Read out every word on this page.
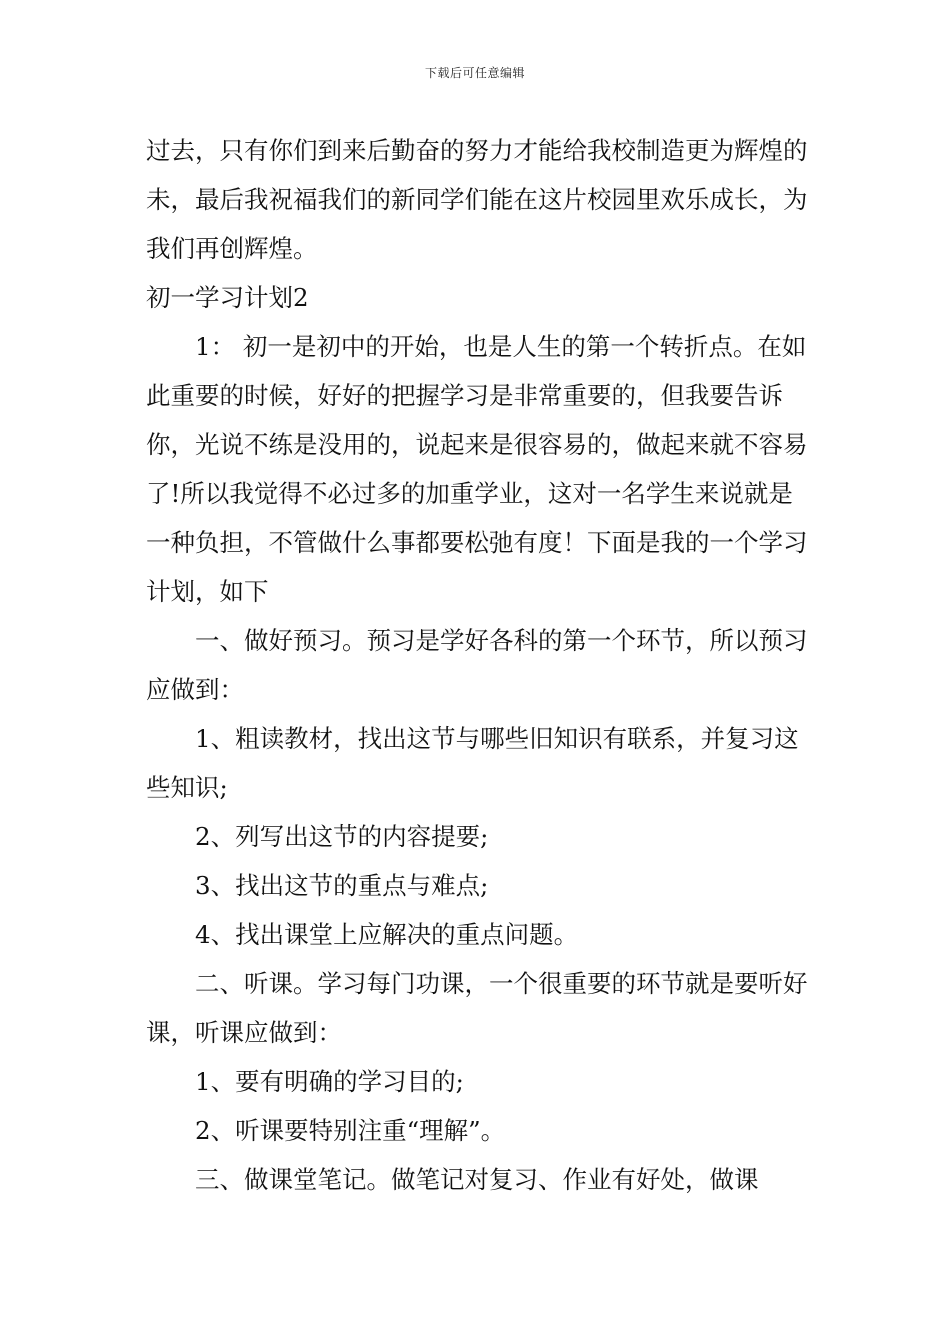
下载后可任意编辑

过去，只有你们到来后勤奋的努力才能给我校制造更为辉煌的未，最后我祝福我们的新同学们能在这片校园里欢乐成长，为我们再创辉煌。

初一学习计划2

1： 初一是初中的开始，也是人生的第一个转折点。在如此重要的时候，好好的把握学习是非常重要的，但我要告诉你，光说不练是没用的，说起来是很容易的，做起来就不容易了!所以我觉得不必过多的加重学业，这对一名学生来说就是一种负担，不管做什么事都要松弛有度！下面是我的一个学习计划，如下

一、做好预习。预习是学好各科的第一个环节，所以预习应做到：

1、粗读教材，找出这节与哪些旧知识有联系，并复习这些知识;

2、列写出这节的内容提要;

3、找出这节的重点与难点;

4、找出课堂上应解决的重点问题。

二、听课。学习每门功课，一个很重要的环节就是要听好课，听课应做到：

1、要有明确的学习目的;

2、听课要特别注重“理解”。

三、做课堂笔记。做笔记对复习、作业有好处，做课
